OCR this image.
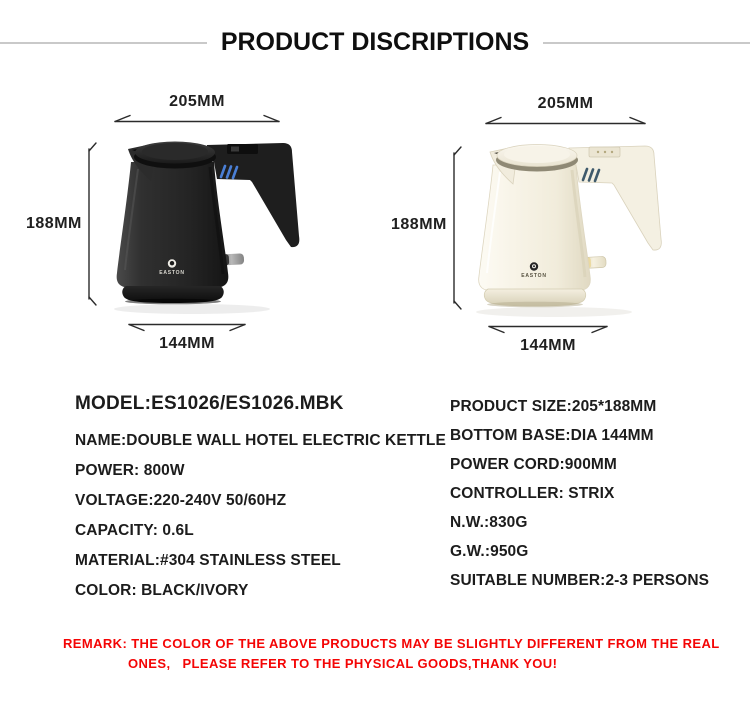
PRODUCT DISCRIPTIONS
205MM
188MM
EASTON
144MM
205MM
188MM
EASTON
144MM
MODEL:ES1026/ES1026.MBK
NAME:DOUBLE WALL HOTEL ELECTRIC KETTLE
POWER: 800W
VOLTAGE:220-240V 50/60HZ
CAPACITY: 0.6L
MATERIAL:#304 STAINLESS STEEL
COLOR: BLACK/IVORY
PRODUCT SIZE:205*188MM
BOTTOM BASE:DIA 144MM
POWER CORD:900MM
CONTROLLER: STRIX
N.W.:830G
G.W.:950G
SUITABLE NUMBER:2-3 PERSONS
REMARK: THE COLOR OF THE ABOVE PRODUCTS MAY BE SLIGHTLY DIFFERENT FROM THE REAL
ONES,   PLEASE REFER TO THE PHYSICAL GOODS,THANK YOU!
